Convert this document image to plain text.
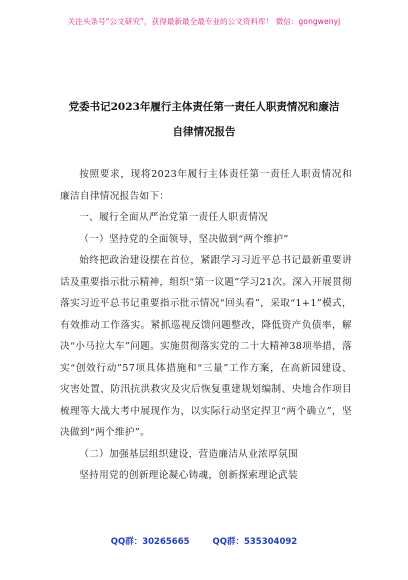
关注头条号“公文研究”，获得最新最全最专业的公文资料库！ 微信：gongwenyj
党委书记2023年履行主体责任第一责任人职责情况和廉洁
自律情况报告

按照要求，现将2023年履行主体责任第一责任人职责情况和廉洁自律情况报告如下：

一、履行全面从严治党第一责任人职责情况

（一）坚持党的全面领导，坚决做到“两个维护”

始终把政治建设摆在首位，紧跟学习习近平总书记最新重要讲话及重要指示批示精神，组织“第一议题”学习21次。深入开展贯彻落实习近平总书记重要指示批示情况“回头看”，采取“1+1”模式，有效推动工作落实。紧抓巡视反馈问题整改，降低资产负债率，解决“小马拉大车”问题。实施贯彻落实党的二十大精神38项举措，落实“创效行动”57项具体措施和“三量”工作方案，在高新园建设、灾害处置、防汛抗洪救灾及灾后恢复重建规划编制、央地合作项目梳理等大战大考中展现作为，以实际行动坚定捍卫“两个确立”，坚决做到“两个维护”。

（二）加强基层组织建设，营造廉洁从业浓厚氛围

坚持用党的创新理论凝心铸魂，创新探索理论武装

QQ群：30265665	QQ群：535304092
